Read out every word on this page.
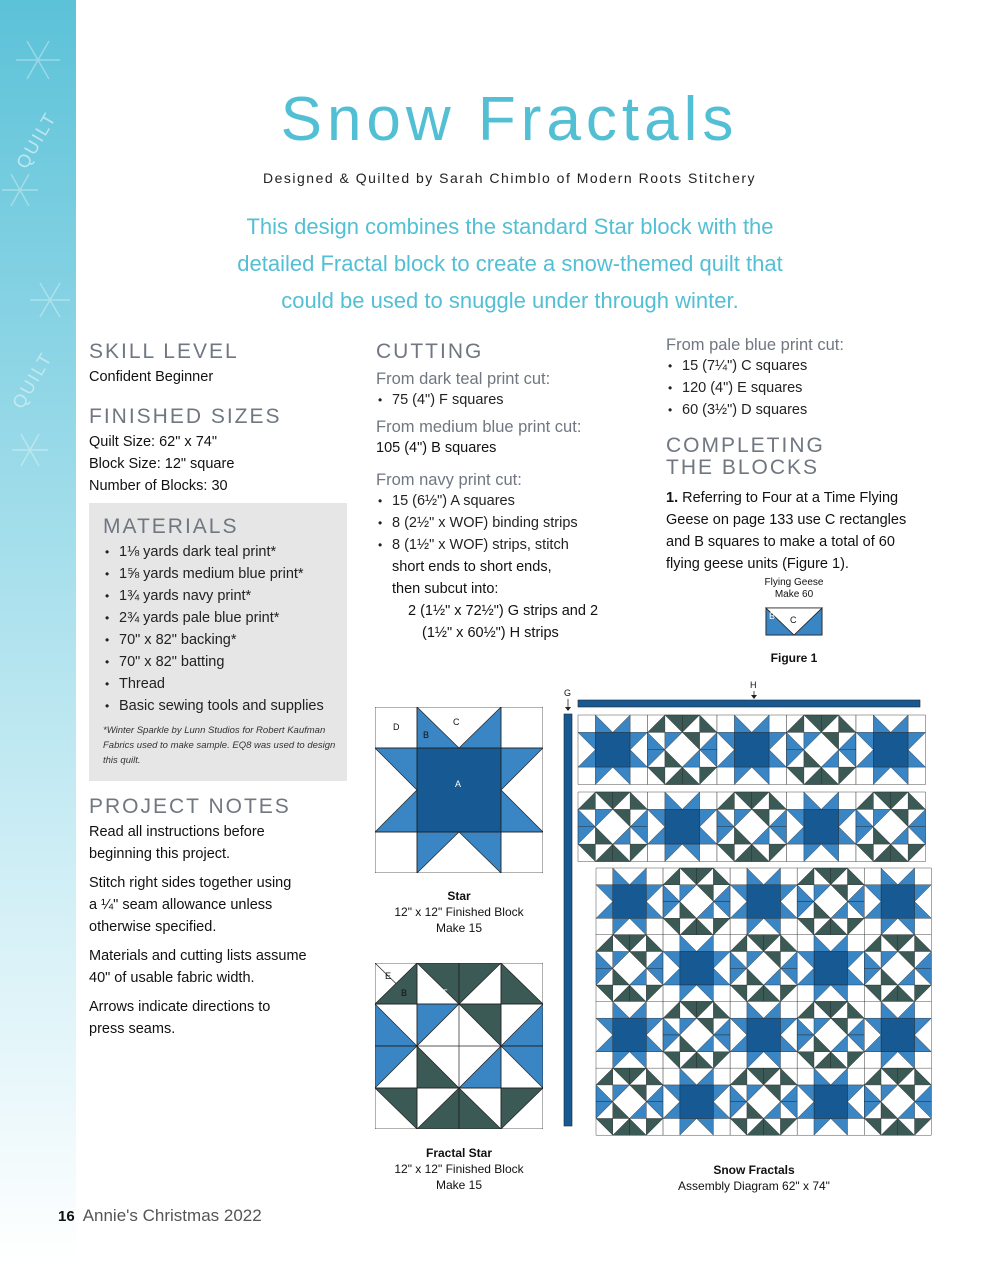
QUILT
QUILT
Snow Fractals
Designed & Quilted by Sarah Chimblo of Modern Roots Stitchery
This design combines the standard Star block with the
detailed Fractal block to create a snow-themed quilt that
could be used to snuggle under through winter.
SKILL LEVEL

Confident Beginner

FINISHED SIZES

Quilt Size: 62" x 74"

Block Size: 12" square

Number of Blocks: 30

MATERIALS
• 1⅛ yards dark teal print*
• 1⅝ yards medium blue print*
• 1¾ yards navy print*
• 2¾ yards pale blue print*
• 70" x 82" backing*
• 70" x 82" batting
• Thread
• Basic sewing tools and supplies
*Winter Sparkle by Lunn Studios for Robert Kaufman Fabrics used to make sample. EQ8 was used to design this quilt.
PROJECT NOTES

Read all instructions before

beginning this project.

Stitch right sides together using

a ¼" seam allowance unless

otherwise specified.

Materials and cutting lists assume

40" of usable fabric width.

Arrows indicate directions to

press seams.

CUTTING

From dark teal print cut:

• 75 (4") F squares

From medium blue print cut:

105 (4") B squares

From navy print cut:

• 15 (6½") A squares
• 8 (2½" x WOF) binding strips
• 8 (1½" x WOF) strips, stitch

short ends to short ends,

then subcut into:

2 (1½" x 72½") G strips and 2

(1½" x 60½") H strips

From pale blue print cut:

• 15 (7¼") C squares
• 120 (4") E squares
• 60 (3½") D squares
COMPLETING
THE BLOCKS

1. Referring to Four at a Time Flying

Geese on page 133 use C rectangles

and B squares to make a total of 60

flying geese units (Figure 1).

Flying Geese
Make 60
B C
Figure 1
D
B
C
A
Star
12" x 12" Finished Block
Make 15
E
B	F
Fractal Star
12" x 12" Finished Block
Make 15
G
H
Snow Fractals
Assembly Diagram 62" x 74"
16 Annie's Christmas 2022
